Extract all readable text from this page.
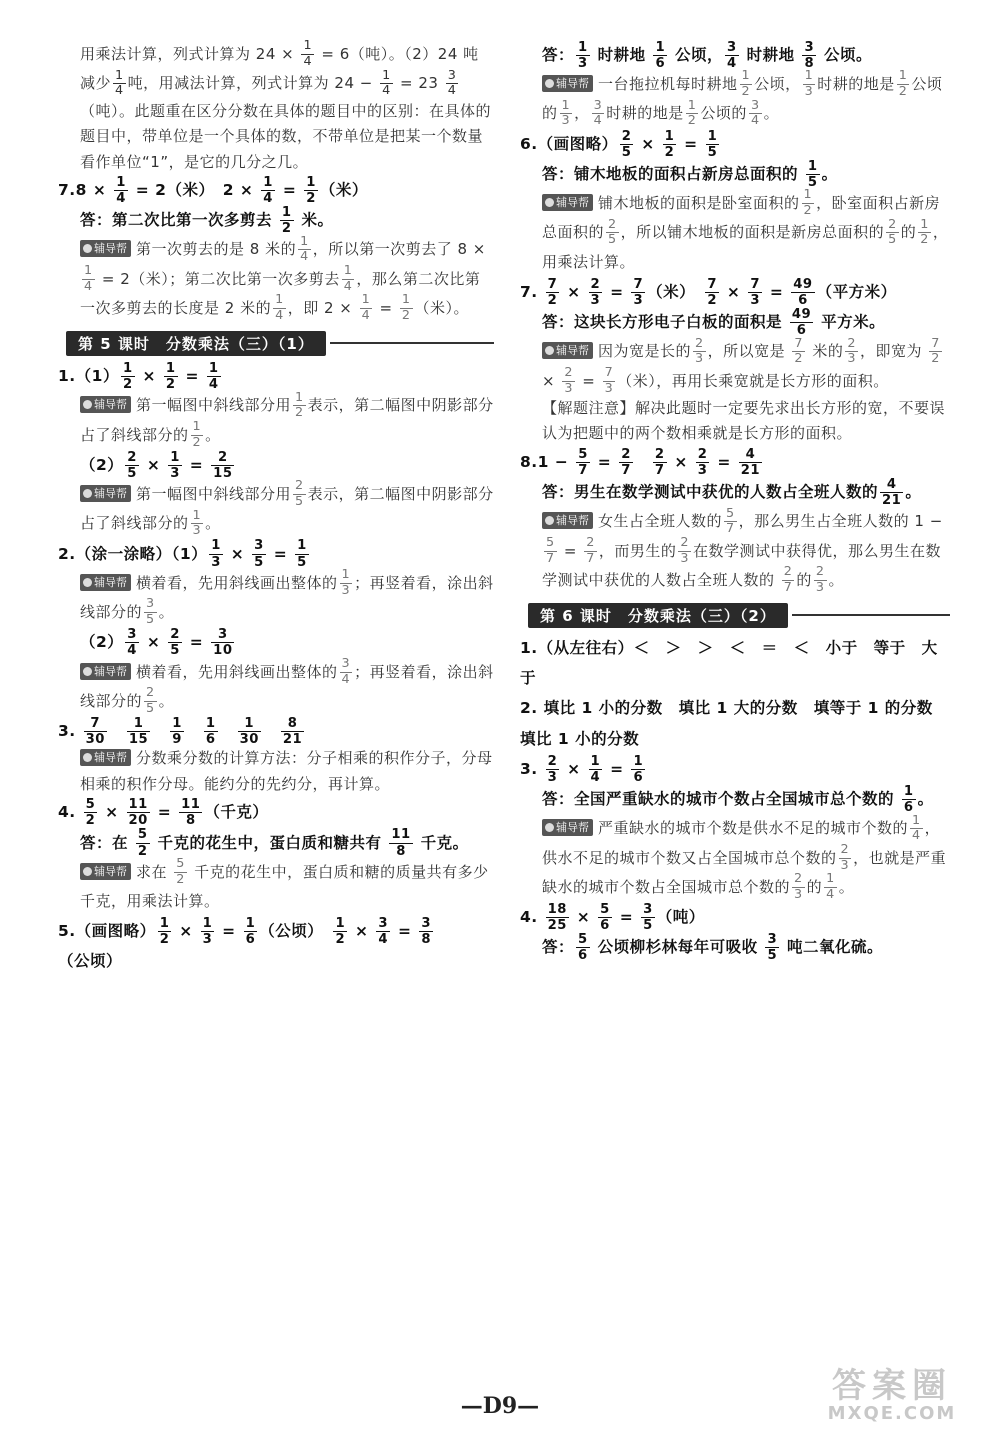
用乘法计算，列式计算为 $24 \times \frac{1}{4} = 6$（吨）。（2）24 吨

减少 $\frac{1}{4}$ 吨，用减法计算，列式计算为 $24 - \frac{1}{4} = 23 \frac{3}{4}$

（吨）。此题重在区分分数在具体的题目中的区别：在具体的题目中，带单位是一个具体的数，不带单位是把某一个数量看作单位“1”，是它的几分之几。

$7.8 \times \frac{1}{4} = 2$（米）　$2 \times \frac{1}{4} = \frac{1}{2}$ （米）

答：第二次比第一次多剪去 $\frac{1}{2}$ 米。

辅导帮 第一次剪去的是 8 米的 $\frac{1}{4}$ ，所以第一次剪去了 8 ×
$\frac{1}{4} = 2$（米）；第二次比第一次多剪去 $\frac{1}{4}$ ，那么第二次比第一次多剪去的长度是 2 米的 $\frac{1}{4}$ ，即 $2 \times \frac{1}{4} = \frac{1}{2}$ （米）。

第 5 课时　分数乘法（三）（1）

$1.(1) \frac{1}{2} \times \frac{1}{2} = \frac{1}{4}$

辅导帮 第一幅图中斜线部分用 $\frac{1}{2}$ 表示，第二幅图中阴影部分占了斜线部分的 $\frac{1}{2}$ 。

$(2) \frac{2}{5} \times \frac{1}{3} = \frac{2}{15}$

辅导帮 第一幅图中斜线部分用 $\frac{2}{5}$ 表示，第二幅图中阴影部分占了斜线部分的 $\frac{1}{3}$ 。

2.（涂一涂略）$(1) \frac{1}{3} \times \frac{3}{5} = \frac{1}{5}$

辅导帮 横着看，先用斜线画出整体的 $\frac{1}{3}$ ；再竖着看，涂出斜线部分的 $\frac{3}{5}$ 。

$(2) \frac{3}{4} \times \frac{2}{5} = \frac{3}{10}$

辅导帮 横着看，先用斜线画出整体的 $\frac{3}{4}$ ；再竖着看，涂出斜线部分的 $\frac{2}{5}$ 。

3. $\frac{7}{30}$
　 $\frac{1}{15}$
　 $\frac{1}{9}$
　 $\frac{1}{6}$
　 $\frac{1}{30}$
　 $\frac{8}{21}$

辅导帮 分数乘分数的计算方法：分子相乘的积作分子，分母相乘的积作分母。能约分的先约分，再计算。

4. $\frac{5}{2} \times \frac{11}{20} = \frac{11}{8}$ （千克）

答：在 $\frac{5}{2}$ 千克的花生中，蛋白质和糖共有 $\frac{11}{8}$ 千克。

辅导帮 求在 $\frac{5}{2}$ 千克的花生中，蛋白质和糖的质量共有多少千克，用乘法计算。

5.（画图略） $\frac{1}{2} \times \frac{1}{3} = \frac{1}{6}$ （公顷）　 $\frac{1}{2} \times \frac{3}{4} = \frac{3}{8}$
（公顷）

答： $\frac{1}{3}$ 时耕地 $\frac{1}{6}$ 公顷， $\frac{3}{4}$ 时耕地 $\frac{3}{8}$ 公顷。

辅导帮 一台拖拉机每时耕地 $\frac{1}{2}$ 公顷， $\frac{1}{3}$ 时耕的地是 $\frac{1}{2}$ 公顷的 $\frac{1}{3}$ ， $\frac{3}{4}$ 时耕的地是 $\frac{1}{2}$ 公顷的 $\frac{3}{4}$ 。

6.（画图略） $\frac{2}{5} \times \frac{1}{2} = \frac{1}{5}$

答：铺木地板的面积占新房总面积的 $\frac{1}{5}$ 。

辅导帮 铺木地板的面积是卧室面积的 $\frac{1}{2}$ ，卧室面积占新房总面积的 $\frac{2}{5}$ ，所以铺木地板的面积是新房总面积的 $\frac{2}{5}$ 的 $\frac{1}{2}$ ，用乘法计算。

7. $\frac{7}{2} \times \frac{2}{3} = \frac{7}{3}$ （米）　 $\frac{7}{2} \times \frac{7}{3} = \frac{49}{6}$ （平方米）

答：这块长方形电子白板的面积是 $\frac{49}{6}$ 平方米。

辅导帮 因为宽是长的 $\frac{2}{3}$ ，所以宽是 $\frac{7}{2}$ 米的 $\frac{2}{3}$ ，即宽为 $\frac{7}{2}$
× $\frac{2}{3} = \frac{7}{3}$ （米），再用长乘宽就是长方形的面积。

【解题注意】解决此题时一定要先求出长方形的宽，不要误认为把题中的两个数相乘就是长方形的面积。

$8.1 - \frac{5}{7} = \frac{2}{7}$
　 $\frac{2}{7} \times \frac{2}{3} = \frac{4}{21}$

答：男生在数学测试中获优的人数占全班人数的 $\frac{4}{21}$ 。

辅导帮 女生占全班人数的 $\frac{5}{7}$ ，那么男生占全班人数的 1 −
$\frac{5}{7} = \frac{2}{7}$ ，而男生的 $\frac{2}{3}$ 在数学测试中获得优，那么男生在数学测试中获优的人数占全班人数的 $\frac{2}{7}$ 的 $\frac{2}{3}$ 。

第 6 课时　分数乘法（三）（2）

1.（从左往右）＜　＞　＞　＜　＝　＜　小于　等于　大于

2. 填比 1 小的分数　填比 1 大的分数　填等于 1 的分数　填比 1 小的分数

3. $\frac{2}{3} \times \frac{1}{4} = \frac{1}{6}$

答：全国严重缺水的城市个数占全国城市总个数的 $\frac{1}{6}$ 。

辅导帮 严重缺水的城市个数是供水不足的城市个数的 $\frac{1}{4}$ ，供水不足的城市个数又占全国城市总个数的 $\frac{2}{3}$ ，也就是严重缺水的城市个数占全国城市总个数的 $\frac{2}{3}$ 的 $\frac{1}{4}$ 。

4. $\frac{18}{25} \times \frac{5}{6} = \frac{3}{5}$ （吨）

答： $\frac{5}{6}$ 公顷柳杉林每年可吸收 $\frac{3}{5}$ 吨二氧化硫。

—D9—	答案圈
MXQE.COM
